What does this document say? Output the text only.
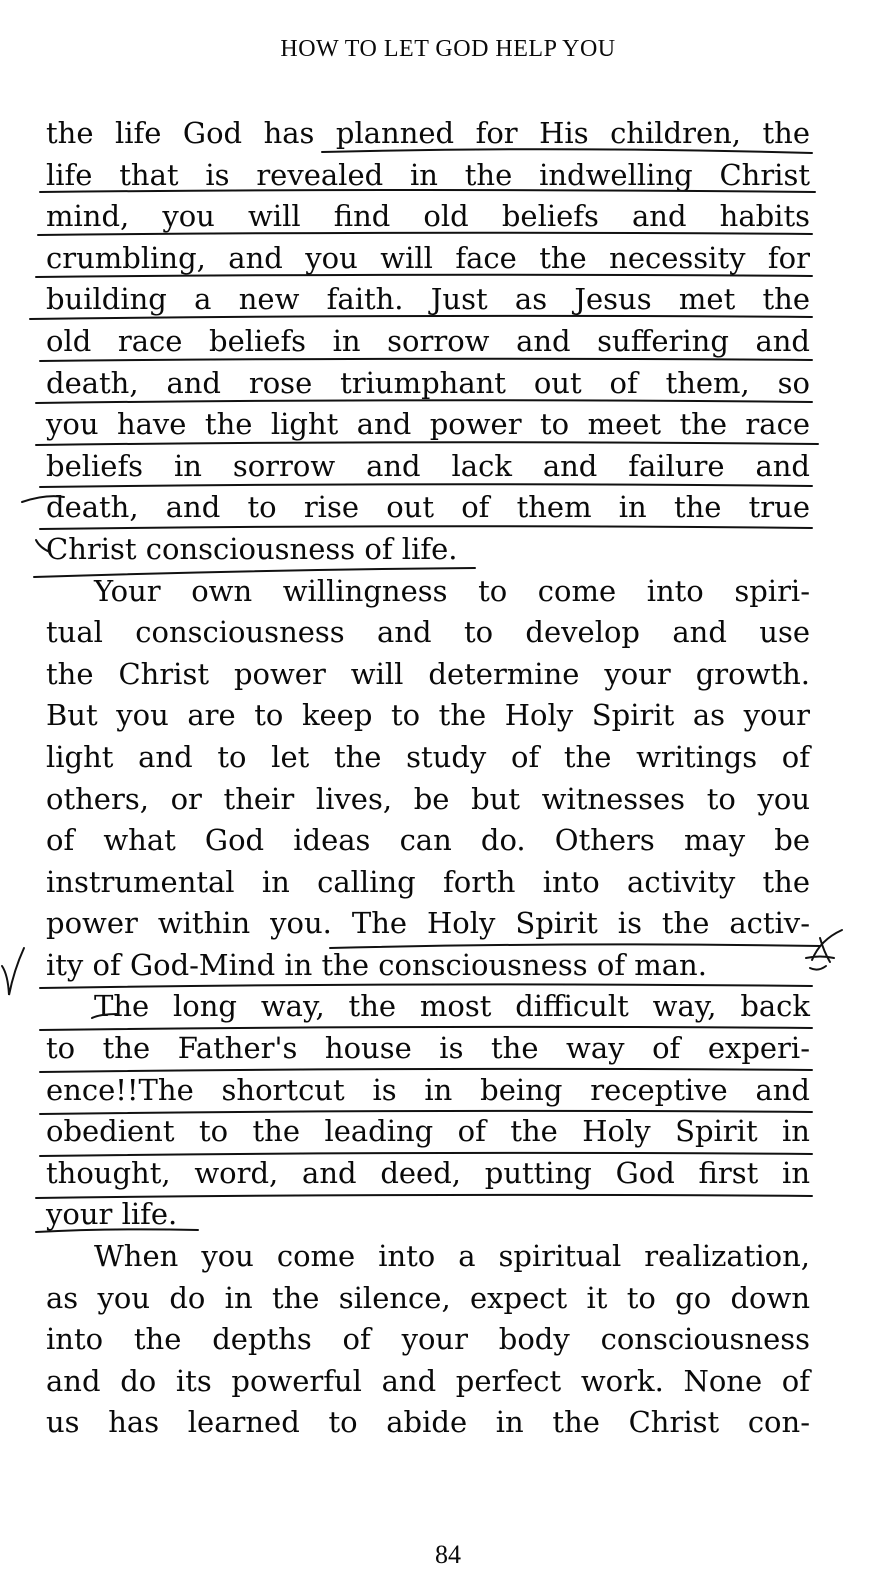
HOW TO LET GOD HELP YOU
the life God has planned for His children, the
life that is revealed in the indwelling Christ
mind, you will find old beliefs and habits
crumbling, and you will face the necessity for
building a new faith. Just as Jesus met the
old race beliefs in sorrow and suffering and
death, and rose triumphant out of them, so
you have the light and power to meet the race
beliefs in sorrow and lack and failure and
death, and to rise out of them in the true
Christ consciousness of life.
Your own willingness to come into spiri-
tual consciousness and to develop and use
the Christ power will determine your growth.
But you are to keep to the Holy Spirit as your
light and to let the study of the writings of
others, or their lives, be but witnesses to you
of what God ideas can do. Others may be
instrumental in calling forth into activity the
power within you. The Holy Spirit is the activ-
ity of God-Mind in the consciousness of man.
The long way, the most difficult way, back
to the Father's house is the way of experi-
ence!!The shortcut is in being receptive and
obedient to the leading of the Holy Spirit in
thought, word, and deed, putting God first in
your life.
When you come into a spiritual realization,
as you do in the silence, expect it to go down
into the depths of your body consciousness
and do its powerful and perfect work. None of
us has learned to abide in the Christ con-
84
